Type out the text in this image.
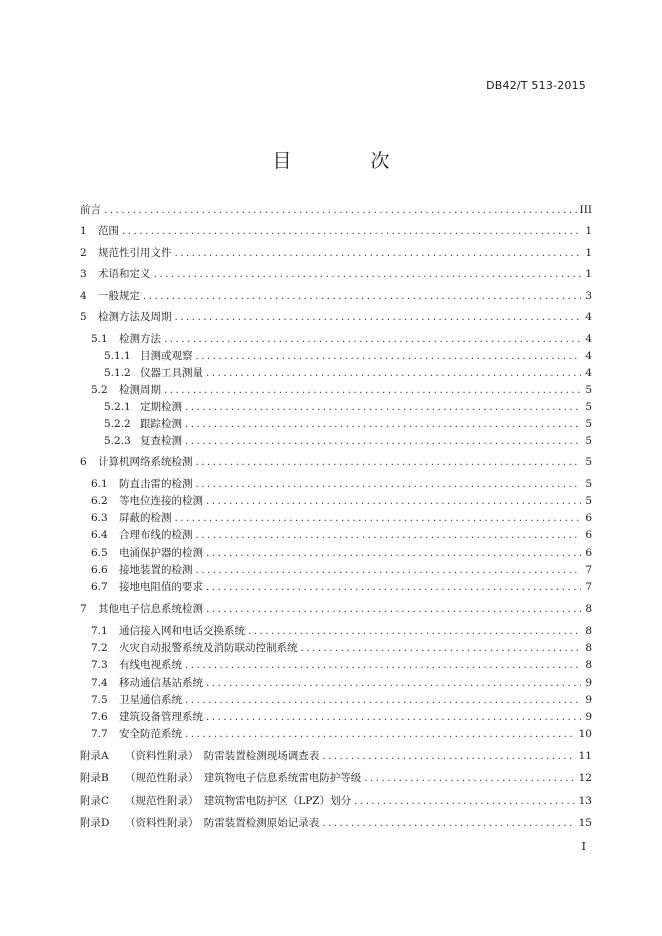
DB42/T 513-2015
目　次
前言 .....	III
1	范围 .....	1
2	规范性引用文件 .....	1
3	术语和定义 .....	1
4	一般规定 .....	3
5	检测方法及周期 .....	4
5.1	检测方法 .....	4
5.1.1 目测或观察 .....	4
5.1.2 仪器工具测量 .....	4
5.2	检测周期 .....	5
5.2.1 定期检测 .....	5
5.2.2 跟踪检测 .....	5
5.2.3 复查检测 .....	5
6	计算机网络系统检测 .....	5
6.1	防直击雷的检测 .....	5
6.2	等电位连接的检测 .....	5
6.3	屏蔽的检测 .....	6
6.4	合理布线的检测 .....	6
6.5	电涌保护器的检测 .....	6
6.6	接地装置的检测 .....	7
6.7	接地电阻值的要求 .....	7
7	其他电子信息系统检测 .....	8
7.1	通信接入网和电话交换系统 .....	8
7.2	火灾自动报警系统及消防联动控制系统 .....	8
7.3	有线电视系统 .....	8
7.4	移动通信基站系统 .....	9
7.5	卫星通信系统 .....	9
7.6	建筑设备管理系统 .....	9
7.7	安全防范系统 .....	10
附录A	（资料性附录）　防雷装置检测现场调查表 .....	11
附录B	（规范性附录）　建筑物电子信息系统雷电防护等级 .....	12
附录C	（规范性附录）　建筑物雷电防护区（LPZ）划分 .....	13
附录D	（资料性附录）　防雷装置检测原始记录表 .....	15
I
